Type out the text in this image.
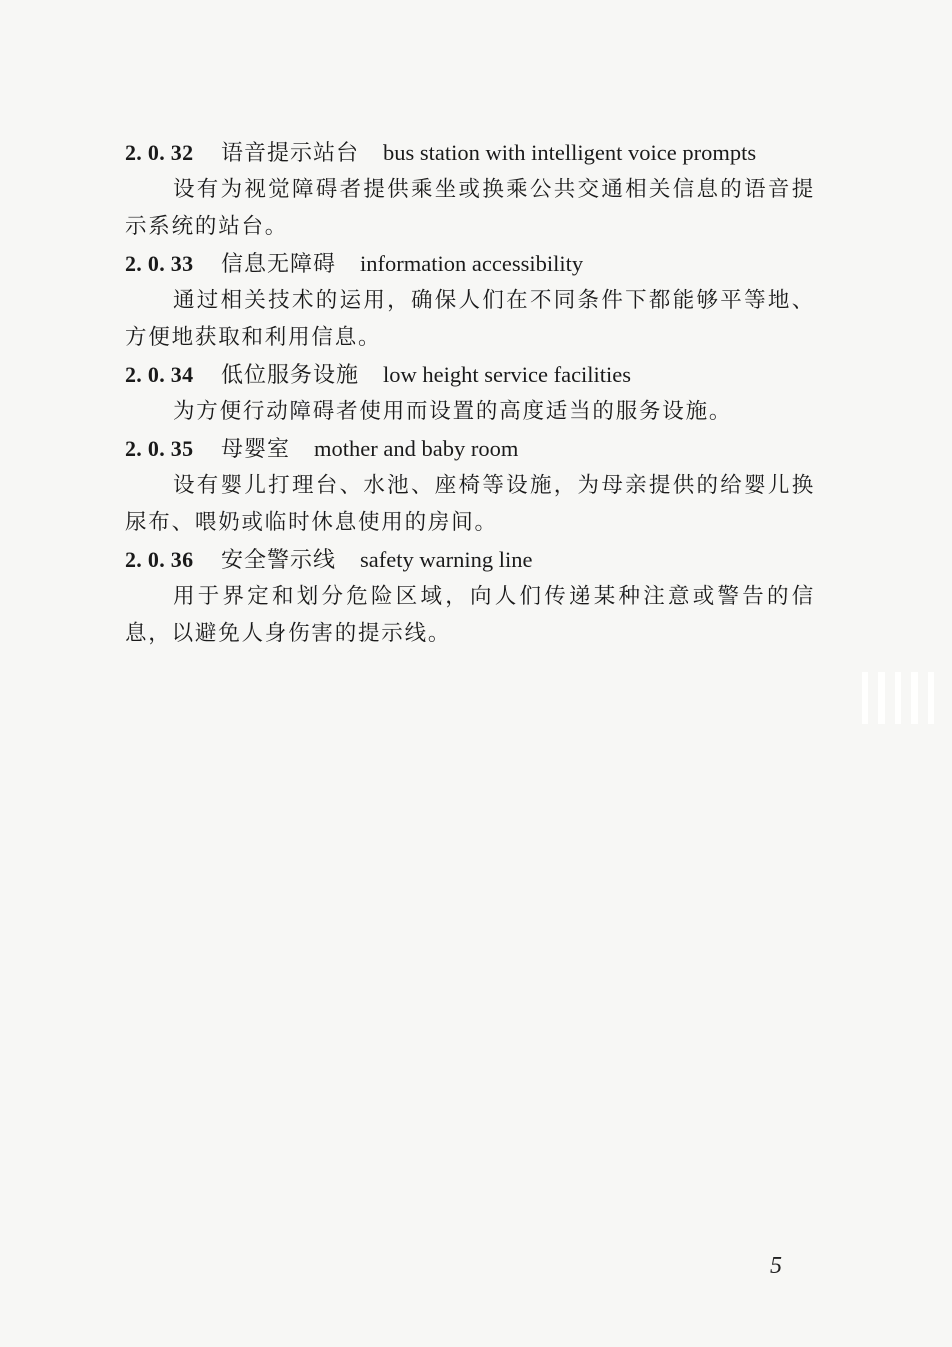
2. 0. 32 语音提示站台 bus station with intelligent voice prompts

设有为视觉障碍者提供乘坐或换乘公共交通相关信息的语音提示系统的站台。

2. 0. 33 信息无障碍 information accessibility

通过相关技术的运用，确保人们在不同条件下都能够平等地、方便地获取和利用信息。

2. 0. 34 低位服务设施 low height service facilities

为方便行动障碍者使用而设置的高度适当的服务设施。

2. 0. 35 母婴室 mother and baby room

设有婴儿打理台、水池、座椅等设施，为母亲提供的给婴儿换尿布、喂奶或临时休息使用的房间。

2. 0. 36 安全警示线 safety warning line

用于界定和划分危险区域，向人们传递某种注意或警告的信息，以避免人身伤害的提示线。

5
